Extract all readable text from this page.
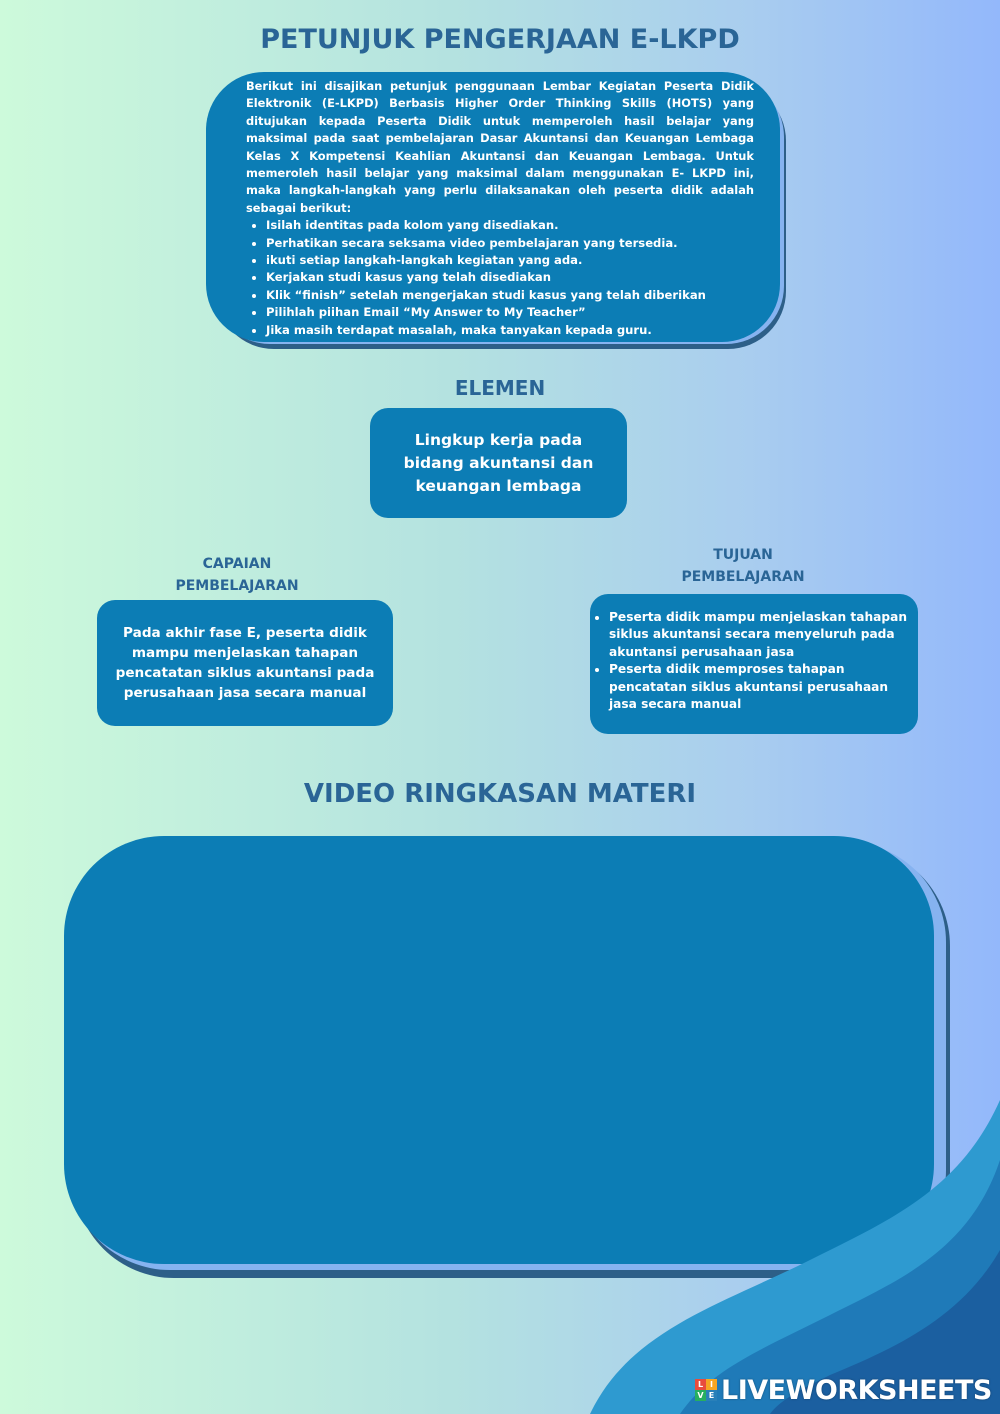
PETUNJUK PENGERJAAN E-LKPD

Berikut ini disajikan petunjuk penggunaan Lembar Kegiatan Peserta Didik Elektronik (E-LKPD) Berbasis Higher Order Thinking Skills (HOTS) yang ditujukan kepada Peserta Didik untuk memperoleh hasil belajar yang maksimal pada saat pembelajaran Dasar Akuntansi dan Keuangan Lembaga Kelas X Kompetensi Keahlian Akuntansi dan Keuangan Lembaga. Untuk memeroleh hasil belajar yang maksimal dalam menggunakan E- LKPD ini, maka langkah-langkah yang perlu dilaksanakan oleh peserta didik adalah sebagai berikut:

• Isilah identitas pada kolom yang disediakan.
• Perhatikan secara seksama video pembelajaran yang tersedia.
• ikuti setiap langkah-langkah kegiatan yang ada.
• Kerjakan studi kasus yang telah disediakan
• Klik “finish” setelah mengerjakan studi kasus yang telah diberikan
• Pilihlah piihan Email “My Answer to My Teacher”
• Jika masih terdapat masalah, maka tanyakan kepada guru.
ELEMEN
Lingkup kerja pada bidang akuntansi dan keuangan lembaga
CAPAIAN
PEMBELAJARAN
Pada akhir fase E, peserta didik mampu menjelaskan tahapan pencatatan siklus akuntansi pada perusahaan jasa secara manual
TUJUAN
PEMBELAJARAN
• Peserta didik mampu menjelaskan tahapan siklus akuntansi secara menyeluruh pada akuntansi perusahaan jasa
• Peserta didik memproses tahapan pencatatan siklus akuntansi perusahaan jasa secara manual
VIDEO RINGKASAN MATERI
L I
V E LIVEWORKSHEETS
